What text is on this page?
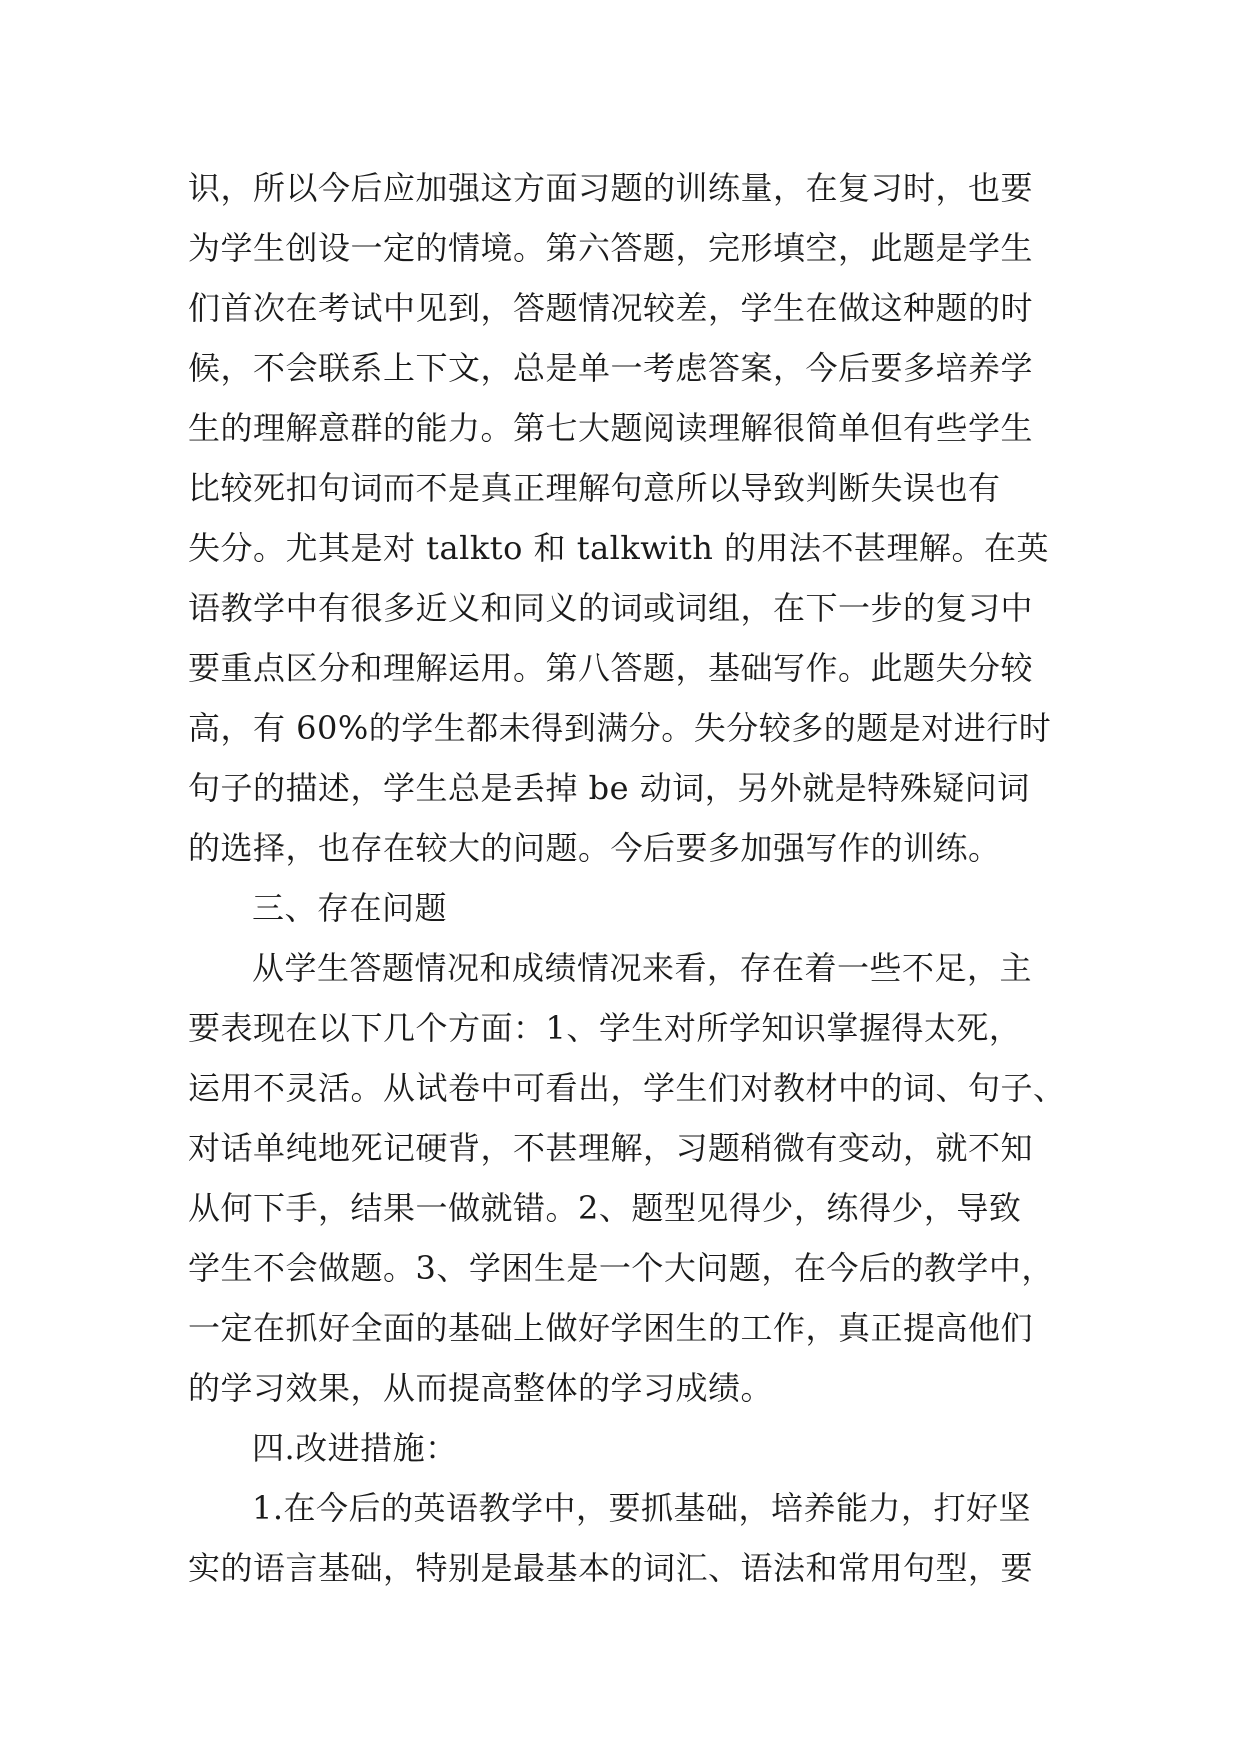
识，所以今后应加强这方面习题的训练量，在复习时，也要
为学生创设一定的情境。第六答题，完形填空，此题是学生
们首次在考试中见到，答题情况较差，学生在做这种题的时
候，不会联系上下文，总是单一考虑答案，今后要多培养学
生的理解意群的能力。第七大题阅读理解很简单但有些学生
比较死扣句词而不是真正理解句意所以导致判断失误也有
失分。尤其是对 talkto 和 talkwith 的用法不甚理解。在英
语教学中有很多近义和同义的词或词组，在下一步的复习中
要重点区分和理解运用。第八答题，基础写作。此题失分较
高，有 60%的学生都未得到满分。失分较多的题是对进行时
句子的描述，学生总是丢掉 be 动词，另外就是特殊疑问词
的选择，也存在较大的问题。今后要多加强写作的训练。
三、存在问题
从学生答题情况和成绩情况来看，存在着一些不足，主
要表现在以下几个方面：1、学生对所学知识掌握得太死，
运用不灵活。从试卷中可看出，学生们对教材中的词、句子、
对话单纯地死记硬背，不甚理解，习题稍微有变动，就不知
从何下手，结果一做就错。2、题型见得少，练得少，导致
学生不会做题。3、学困生是一个大问题，在今后的教学中，
一定在抓好全面的基础上做好学困生的工作，真正提高他们
的学习效果，从而提高整体的学习成绩。
四.改进措施：
1.在今后的英语教学中，要抓基础，培养能力，打好坚
实的语言基础，特别是最基本的词汇、语法和常用句型，要
